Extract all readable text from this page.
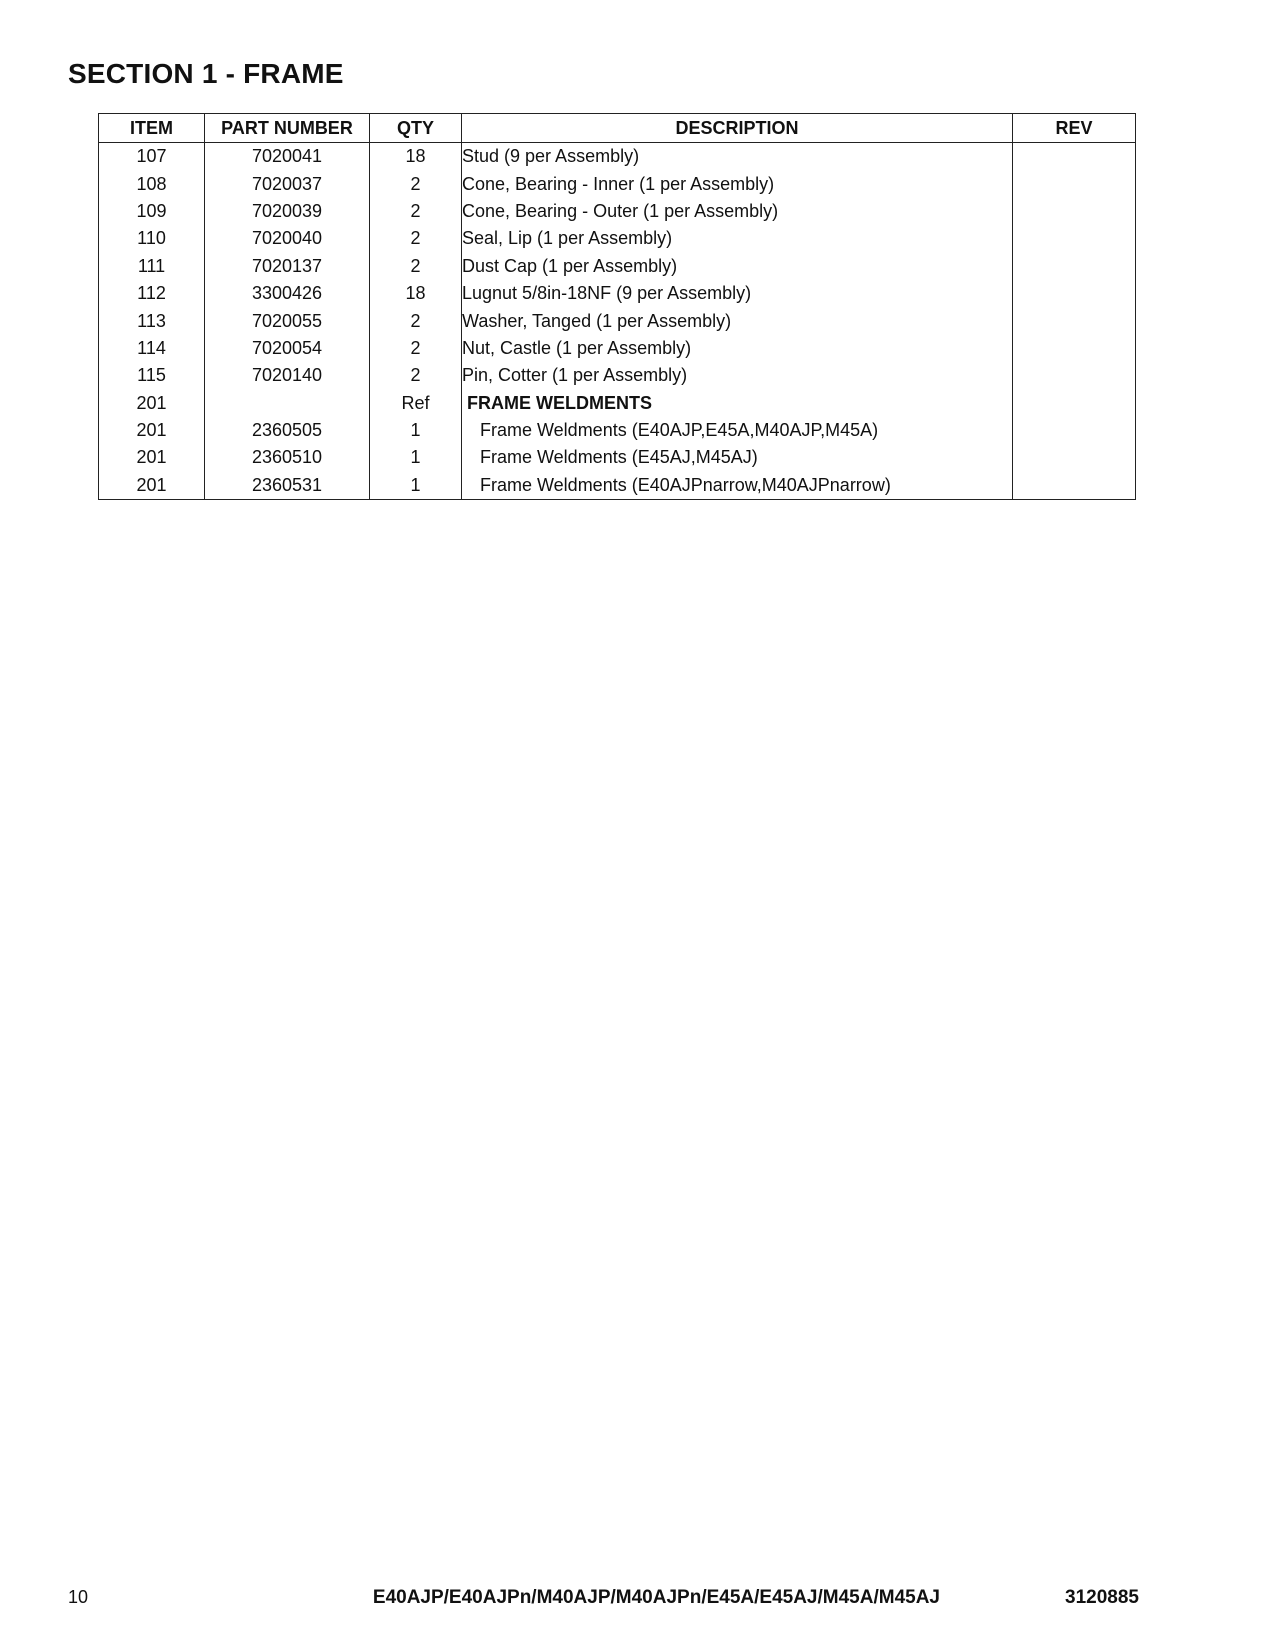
SECTION 1 - FRAME
ITEM	PART NUMBER	QTY	DESCRIPTION	REV
107	7020041	18	Stud (9 per Assembly)	
108	7020037	2	Cone, Bearing - Inner (1 per Assembly)	
109	7020039	2	Cone, Bearing - Outer (1 per Assembly)	
110	7020040	2	Seal, Lip (1 per Assembly)	
111	7020137	2	Dust Cap (1 per Assembly)	
112	3300426	18	Lugnut 5/8in-18NF (9 per Assembly)	
113	7020055	2	Washer, Tanged (1 per Assembly)	
114	7020054	2	Nut, Castle (1 per Assembly)	
115	7020140	2	Pin, Cotter (1 per Assembly)	
201		Ref	FRAME WELDMENTS	
201	2360505	1	Frame Weldments (E40AJP,E45A,M40AJP,M45A)	
201	2360510	1	Frame Weldments (E45AJ,M45AJ)	
201	2360531	1	Frame Weldments (E40AJPnarrow,M40AJPnarrow)	
10	E40AJP/E40AJPn/M40AJP/M40AJPn/E45A/E45AJ/M45A/M45AJ	3120885
